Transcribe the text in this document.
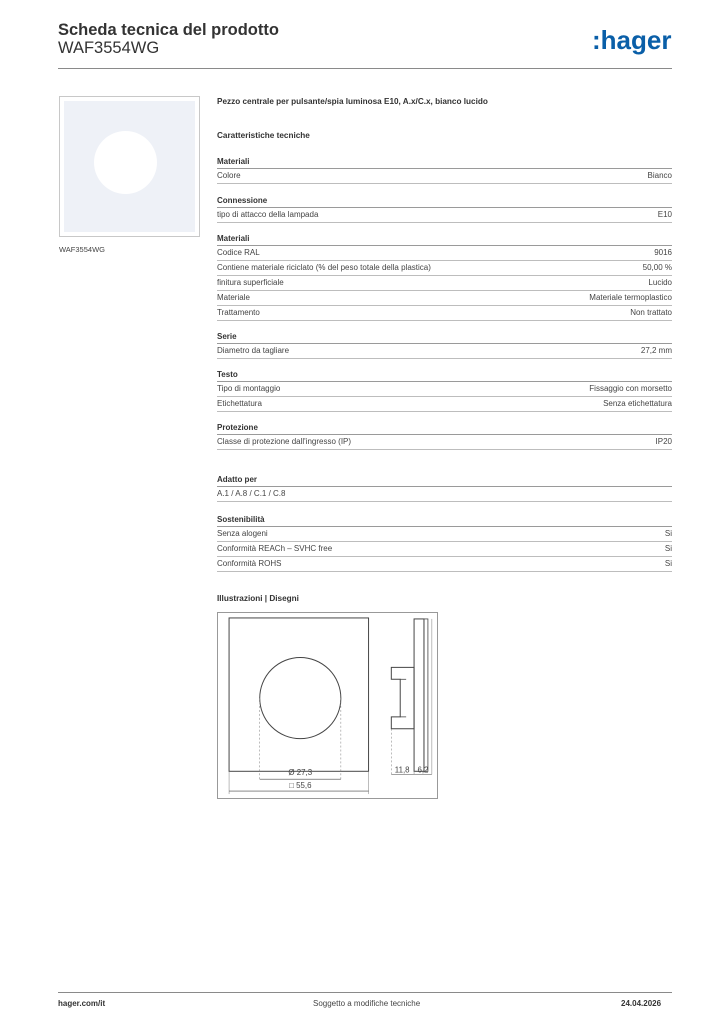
Scheda tecnica del prodotto
WAF3554WG	:hager
WAF3554WG
Pezzo centrale per pulsante/spia luminosa E10, A.x/C.x, bianco lucido
Caratteristiche tecniche
Materiali
Colore	Bianco
Connessione
tipo di attacco della lampada	E10
Materiali
Codice RAL	9016
Contiene materiale riciclato (% del peso totale della plastica)	50,00 %
finitura superficiale	Lucido
Materiale	Materiale termoplastico
Trattamento	Non trattato
Serie
Diametro da tagliare	27,2 mm
Testo
Tipo di montaggio	Fissaggio con morsetto
Etichettatura	Senza etichettatura
Protezione
Classe di protezione dall'ingresso (IP)	IP20
Adatto per
A.1 / A.8 / C.1 / C.8
Sostenibilità
Senza alogeni	Si
Conformità REACh – SVHC free	Si
Conformità ROHS	Si
Illustrazioni | Disegni
Ø 27,3
□ 55,6
11,8 6,2
hager.com/it	Soggetto a modifiche tecniche	24.04.2026
